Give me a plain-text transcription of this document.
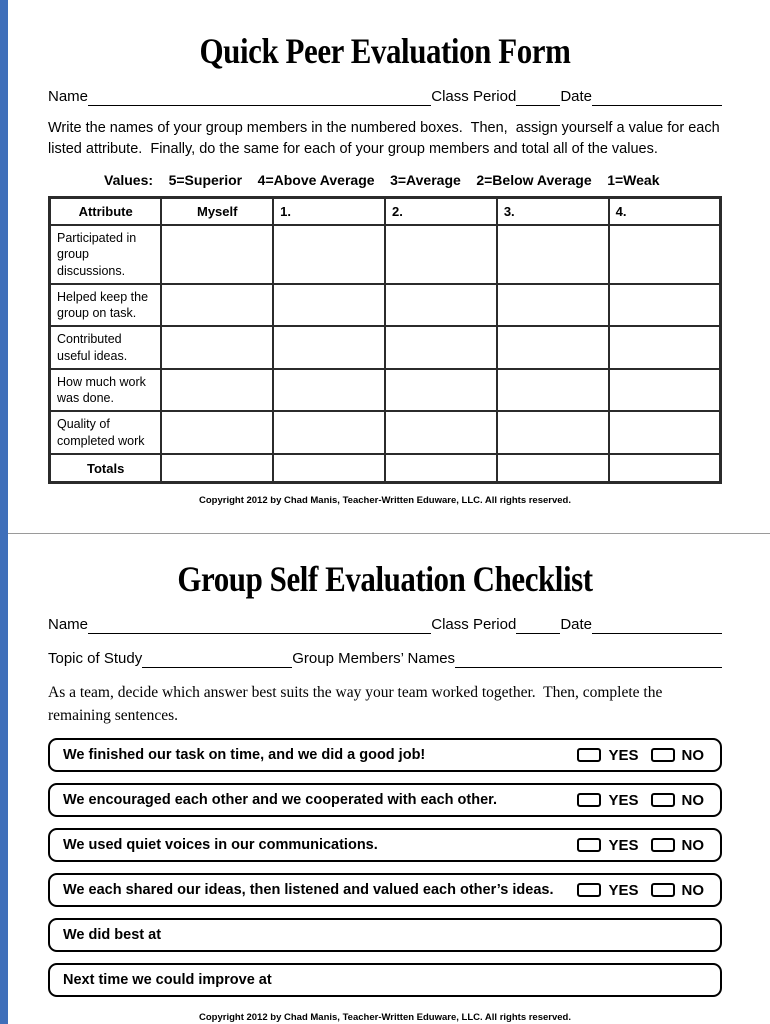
Quick Peer Evaluation Form
Name	Class Period	Date

Write the names of your group members in the numbered boxes.  Then,  assign yourself a value for each listed attribute.  Finally, do the same for each of your group members and total all of the values.

Values:    5=Superior    4=Above Average    3=Average    2=Below Average    1=Weak
Attribute	Myself	1.	2.	3.	4.
Participated in group discussions.					
Helped keep the group on task.					
Contributed useful ideas.					
How much work was done.					
Quality of completed work					
Totals					
Copyright 2012 by Chad Manis, Teacher-Written Eduware, LLC. All rights reserved.
Group Self Evaluation Checklist
Name	Class Period	Date
Topic of Study	Group Members’ Names

As a team, decide which answer best suits the way your team worked together.  Then, complete the remaining sentences.

We finished our task on time, and we did a good job!	YES	NO
We encouraged each other and we cooperated with each other.	YES	NO
We used quiet voices in our communications.	YES	NO
We each shared our ideas, then listened and valued each other’s ideas.	YES	NO
We did best at
Next time we could improve at
Copyright 2012 by Chad Manis, Teacher-Written Eduware, LLC. All rights reserved.
